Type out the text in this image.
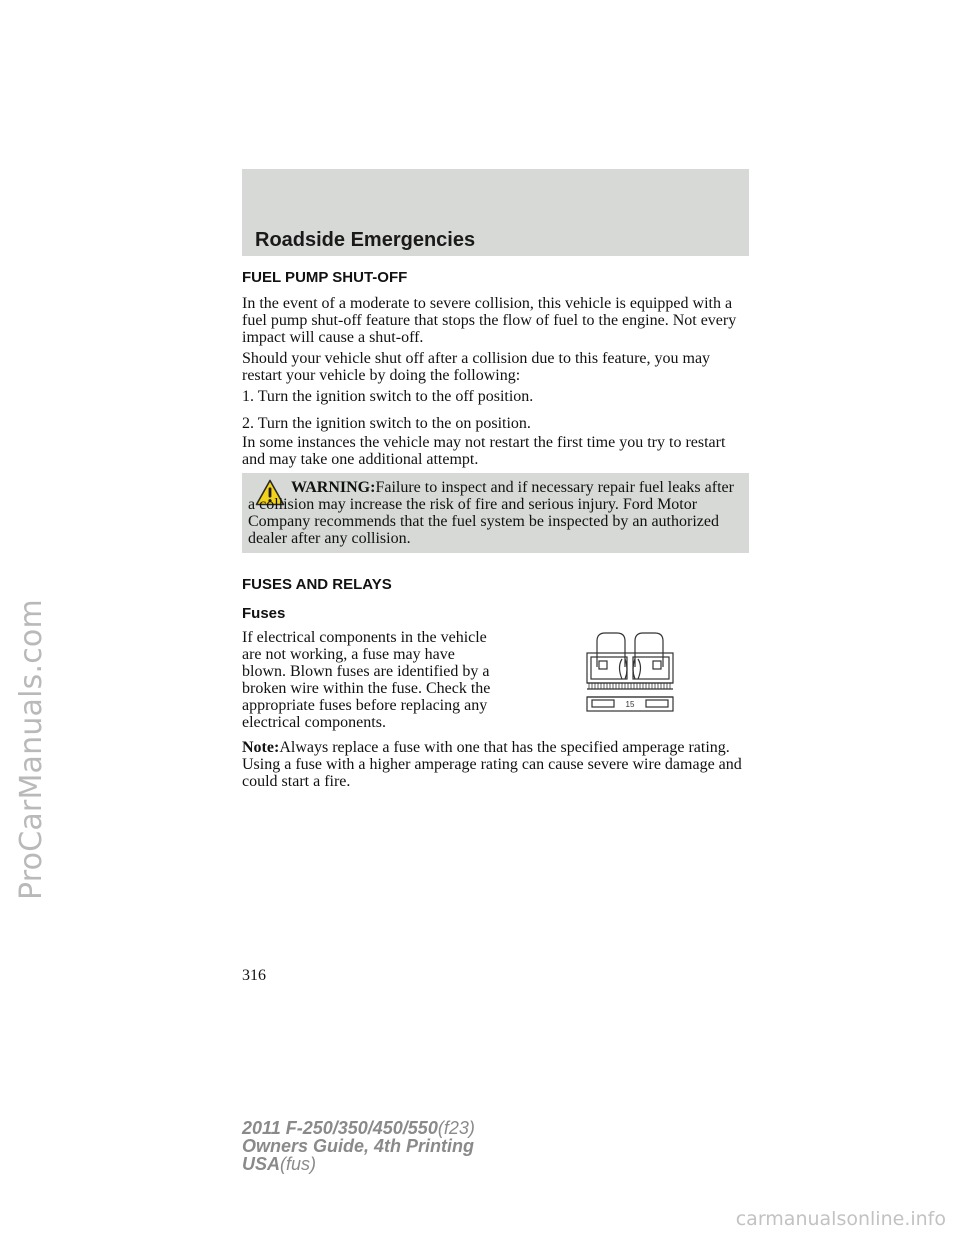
ProCarManuals.com
Roadside Emergencies

FUEL PUMP SHUT-OFF

In the event of a moderate to severe collision, this vehicle is equipped with a fuel pump shut-off feature that stops the flow of fuel to the engine. Not every impact will cause a shut-off.

Should your vehicle shut off after a collision due to this feature, you may restart your vehicle by doing the following:

1. Turn the ignition switch to the off position.

2. Turn the ignition switch to the on position.

In some instances the vehicle may not restart the first time you try to restart and may take one additional attempt.

WARNING:Failure to inspect and if necessary repair fuel leaks after a collision may increase the risk of fire and serious injury. Ford Motor Company recommends that the fuel system be inspected by an authorized dealer after any collision.

FUSES AND RELAYS

Fuses

If electrical components in the vehicle are not working, a fuse may have blown. Blown fuses are identified by a broken wire within the fuse. Check the appropriate fuses before replacing any electrical components.

15

Note:Always replace a fuse with one that has the specified amperage rating. Using a fuse with a higher amperage rating can cause severe wire damage and could start a fire.

316
2011 F-250/350/450/550(f23)
Owners Guide, 4th Printing
USA(fus)
carmanualsonline.info
